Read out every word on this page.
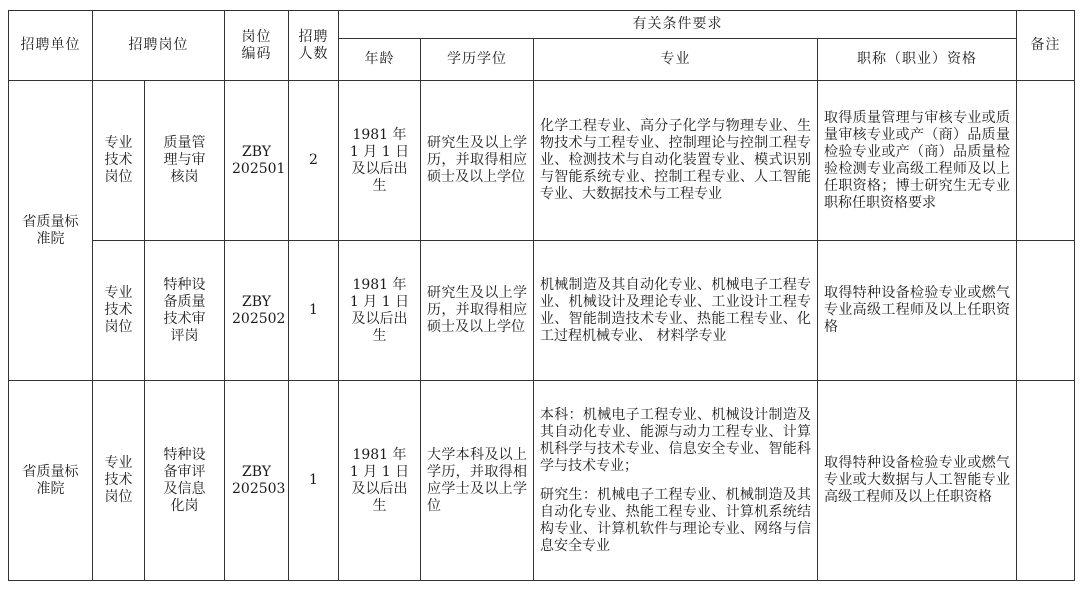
招聘单位	招聘岗位		岗位编码	招聘人数	有关条件要求				备注
					年龄	学历学位	专业	职称（职业）资格	
省质量标准院	专业技术岗位	质量管理与审核岗	ZBY 202501	2	1981 年 1 月 1 日及以后出生	研究生及以上学历，并取得相应硕士及以上学位	化学工程专业、高分子化学与物理专业、生物技术与工程专业、控制理论与控制工程专业、检测技术与自动化装置专业、模式识别与智能系统专业、控制工程专业、人工智能专业、大数据技术与工程专业	取得质量管理与审核专业或质量审核专业或产（商）品质量检验专业或产（商）品质量检验检测专业高级工程师及以上任职资格；博士研究生无专业职称任职资格要求	

	专业技术岗位	特种设备质量技术审评岗	ZBY 202502	1	1981 年 1 月 1 日及以后出生	研究生及以上学历，并取得相应硕士及以上学位	机械制造及其自动化专业、机械电子工程专业、机械设计及理论专业、工业设计工程专业、智能制造技术专业、热能工程专业、化工过程机械专业、 材料学专业	取得特种设备检验专业或燃气专业高级工程师及以上任职资格	

省质量标准院	专业技术岗位	特种设备审评及信息化岗	ZBY 202503	1	1981 年 1 月 1 日及以后出生	大学本科及以上学历，并取得相应学士及以上学位	本科：机械电子工程专业、机械设计制造及其自动化专业、能源与动力工程专业、计算机科学与技术专业、信息安全专业、智能科学与技术专业；
研究生：机械电子工程专业、机械制造及其自动化专业、热能工程专业、计算机系统结构专业、计算机软件与理论专业、网络与信息安全专业	取得特种设备检验专业或燃气专业或大数据与人工智能专业高级工程师及以上任职资格	
